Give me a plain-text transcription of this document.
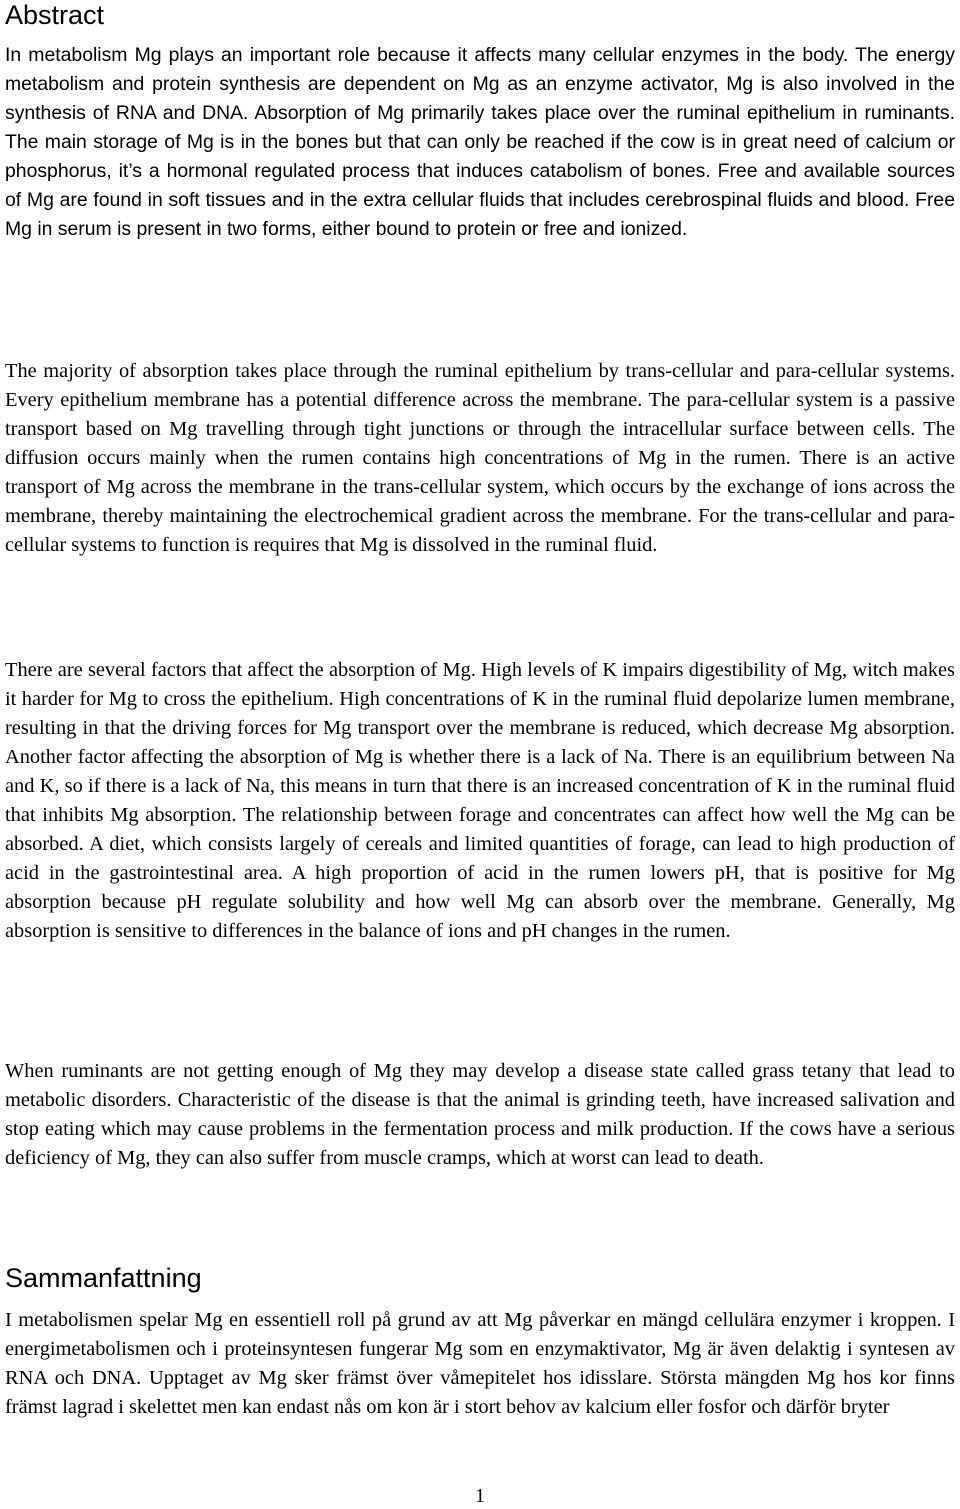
Abstract

In metabolism Mg plays an important role because it affects many cellular enzymes in the body. The energy metabolism and protein synthesis are dependent on Mg as an enzyme activator, Mg is also involved in the synthesis of RNA and DNA. Absorption of Mg primarily takes place over the ruminal epithelium in ruminants. The main storage of Mg is in the bones but that can only be reached if the cow is in great need of calcium or phosphorus, it’s a hormonal regulated process that induces catabolism of bones. Free and available sources of Mg are found in soft tissues and in the extra cellular fluids that includes cerebrospinal fluids and blood. Free Mg in serum is present in two forms, either bound to protein or free and ionized.

The majority of absorption takes place through the ruminal epithelium by trans-cellular and para-cellular systems. Every epithelium membrane has a potential difference across the membrane. The para-cellular system is a passive transport based on Mg travelling through tight junctions or through the intracellular surface between cells. The diffusion occurs mainly when the rumen contains high concentrations of Mg in the rumen. There is an active transport of Mg across the membrane in the trans-cellular system, which occurs by the exchange of ions across the membrane, thereby maintaining the electrochemical gradient across the membrane. For the trans-cellular and para-cellular systems to function is requires that Mg is dissolved in the ruminal fluid.

There are several factors that affect the absorption of Mg. High levels of K impairs digestibility of Mg, witch makes it harder for Mg to cross the epithelium. High concentrations of K in the ruminal fluid depolarize lumen membrane, resulting in that the driving forces for Mg transport over the membrane is reduced, which decrease Mg absorption. Another factor affecting the absorption of Mg is whether there is a lack of Na. There is an equilibrium between Na and K, so if there is a lack of Na, this means in turn that there is an increased concentration of K in the ruminal fluid that inhibits Mg absorption. The relationship between forage and concentrates can affect how well the Mg can be absorbed. A diet, which consists largely of cereals and limited quantities of forage, can lead to high production of acid in the gastrointestinal area. A high proportion of acid in the rumen lowers pH, that is positive for Mg absorption because pH regulate solubility and how well Mg can absorb over the membrane. Generally, Mg absorption is sensitive to differences in the balance of ions and pH changes in the rumen.

When ruminants are not getting enough of Mg they may develop a disease state called grass tetany that lead to metabolic disorders. Characteristic of the disease is that the animal is grinding teeth, have increased salivation and stop eating which may cause problems in the fermentation process and milk production. If the cows have a serious deficiency of Mg, they can also suffer from muscle cramps, which at worst can lead to death.

Sammanfattning

I metabolismen spelar Mg en essentiell roll på grund av att Mg påverkar en mängd cellulära enzymer i kroppen. I energimetabolismen och i proteinsyntesen fungerar Mg som en enzymaktivator, Mg är även delaktig i syntesen av RNA och DNA. Upptaget av Mg sker främst över våmepitelet hos idisslare. Största mängden Mg hos kor finns främst lagrad i skelettet men kan endast nås om kon är i stort behov av kalcium eller fosfor och därför bryter

1
